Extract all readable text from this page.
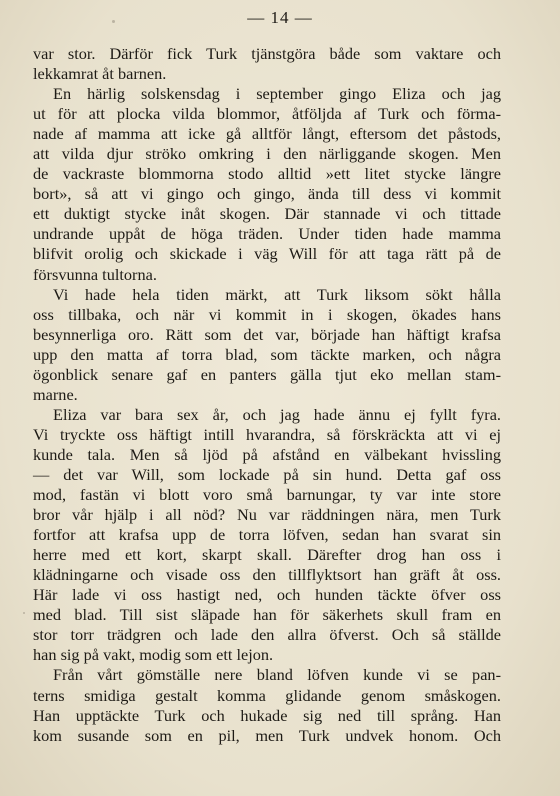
— 14 —
var stor. Därför fick Turk tjänstgöra både som vaktare och
lekkamrat åt barnen.
En härlig solskensdag i september gingo Eliza och jag
ut för att plocka vilda blommor, åtföljda af Turk och förma-
nade af mamma att icke gå alltför långt, eftersom det påstods,
att vilda djur ströko omkring i den närliggande skogen. Men
de vackraste blommorna stodo alltid »ett litet stycke längre
bort», så att vi gingo och gingo, ända till dess vi kommit
ett duktigt stycke inåt skogen. Där stannade vi och tittade
undrande uppåt de höga träden. Under tiden hade mamma
blifvit orolig och skickade i väg Will för att taga rätt på de
försvunna tultorna.
Vi hade hela tiden märkt, att Turk liksom sökt hålla
oss tillbaka, och när vi kommit in i skogen, ökades hans
besynnerliga oro. Rätt som det var, började han häftigt krafsa
upp den matta af torra blad, som täckte marken, och några
ögonblick senare gaf en panters gälla tjut eko mellan stam-
marne.
Eliza var bara sex år, och jag hade ännu ej fyllt fyra.
Vi tryckte oss häftigt intill hvarandra, så förskräckta att vi ej
kunde tala. Men så ljöd på afstånd en välbekant hvissling
— det var Will, som lockade på sin hund. Detta gaf oss
mod, fastän vi blott voro små barnungar, ty var inte store
bror vår hjälp i all nöd? Nu var räddningen nära, men Turk
fortfor att krafsa upp de torra löfven, sedan han svarat sin
herre med ett kort, skarpt skall. Därefter drog han oss i
klädningarne och visade oss den tillflyktsort han gräft åt oss.
Här lade vi oss hastigt ned, och hunden täckte öfver oss
med blad. Till sist släpade han för säkerhets skull fram en
stor torr trädgren och lade den allra öfverst. Och så ställde
han sig på vakt, modig som ett lejon.
Från vårt gömställe nere bland löfven kunde vi se pan-
terns smidiga gestalt komma glidande genom småskogen.
Han upptäckte Turk och hukade sig ned till språng. Han
kom susande som en pil, men Turk undvek honom. Och
